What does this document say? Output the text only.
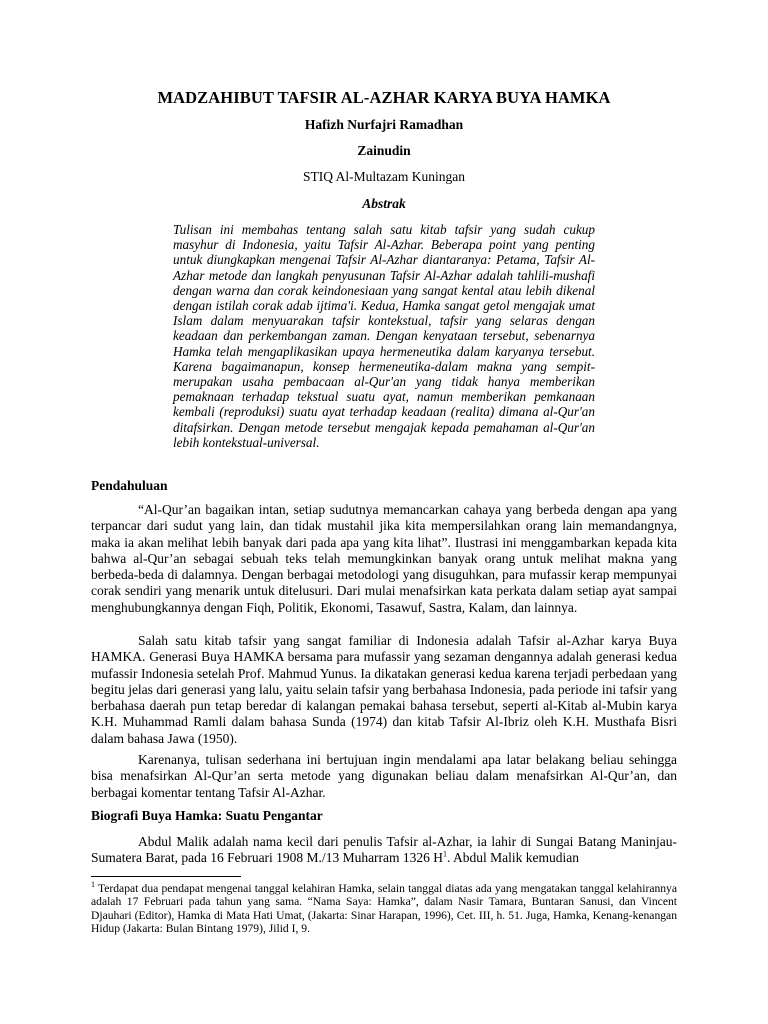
MADZAHIBUT TAFSIR AL-AZHAR KARYA BUYA HAMKA
Hafizh Nurfajri Ramadhan
Zainudin
STIQ Al-Multazam Kuningan
Abstrak
Tulisan ini membahas tentang salah satu kitab tafsir yang sudah cukup masyhur di Indonesia, yaitu Tafsir Al-Azhar. Beberapa point yang penting untuk diungkapkan mengenai Tafsir Al-Azhar diantaranya: Petama, Tafsir Al-Azhar metode dan langkah penyusunan Tafsir Al-Azhar adalah tahlili-mushafi dengan warna dan corak keindonesiaan yang sangat kental atau lebih dikenal dengan istilah corak adab ijtima'i. Kedua, Hamka sangat getol mengajak umat Islam dalam menyuarakan tafsir kontekstual, tafsir yang selaras dengan keadaan dan perkembangan zaman. Dengan kenyataan tersebut, sebenarnya Hamka telah mengaplikasikan upaya hermeneutika dalam karyanya tersebut. Karena bagaimanapun, konsep hermeneutika-dalam makna yang sempit-merupakan usaha pembacaan al-Qur'an yang tidak hanya memberikan pemaknaan terhadap tekstual suatu ayat, namun memberikan pemkanaan kembali (reproduksi) suatu ayat terhadap keadaan (realita) dimana al-Qur'an ditafsirkan. Dengan metode tersebut mengajak kepada pemahaman al-Qur'an lebih kontekstual-universal.
Pendahuluan
“Al-Qur’an bagaikan intan, setiap sudutnya memancarkan cahaya yang berbeda dengan apa yang terpancar dari sudut yang lain, dan tidak mustahil jika kita mempersilahkan orang lain memandangnya, maka ia akan melihat lebih banyak dari pada apa yang kita lihat”. Ilustrasi ini menggambarkan kepada kita bahwa al-Qur’an sebagai sebuah teks telah memungkinkan banyak orang untuk melihat makna yang berbeda-beda di dalamnya. Dengan berbagai metodologi yang disuguhkan, para mufassir kerap mempunyai corak sendiri yang menarik untuk ditelusuri. Dari mulai menafsirkan kata perkata dalam setiap ayat sampai menghubungkannya dengan Fiqh, Politik, Ekonomi, Tasawuf, Sastra, Kalam, dan lainnya.
Salah satu kitab tafsir yang sangat familiar di Indonesia adalah Tafsir al-Azhar karya Buya HAMKA. Generasi Buya HAMKA bersama para mufassir yang sezaman dengannya adalah generasi kedua mufassir Indonesia setelah Prof. Mahmud Yunus. Ia dikatakan generasi kedua karena terjadi perbedaan yang begitu jelas dari generasi yang lalu, yaitu selain tafsir yang berbahasa Indonesia, pada periode ini tafsir yang berbahasa daerah pun tetap beredar di kalangan pemakai bahasa tersebut, seperti al-Kitab al-Mubin karya K.H. Muhammad Ramli dalam bahasa Sunda (1974) dan kitab Tafsir Al-Ibriz oleh K.H. Musthafa Bisri dalam bahasa Jawa (1950).
Karenanya, tulisan sederhana ini bertujuan ingin mendalami apa latar belakang beliau sehingga bisa menafsirkan Al-Qur’an serta metode yang digunakan beliau dalam menafsirkan Al-Qur’an, dan berbagai komentar tentang Tafsir Al-Azhar.
Biografi Buya Hamka: Suatu Pengantar
Abdul Malik adalah nama kecil dari penulis Tafsir al-Azhar, ia lahir di Sungai Batang Maninjau-Sumatera Barat, pada 16 Februari 1908 M./13 Muharram 1326 $H^1$. Abdul Malik kemudian
$^1$ Terdapat dua pendapat mengenai tanggal kelahiran Hamka, selain tanggal diatas ada yang mengatakan tanggal kelahirannya adalah 17 Februari pada tahun yang sama. “Nama Saya: Hamka”, dalam Nasir Tamara, Buntaran Sanusi, dan Vincent Djauhari (Editor), Hamka di Mata Hati Umat, (Jakarta: Sinar Harapan, 1996), Cet. III, h. 51. Juga, Hamka, Kenang-kenangan Hidup (Jakarta: Bulan Bintang 1979), Jilid I, 9.
